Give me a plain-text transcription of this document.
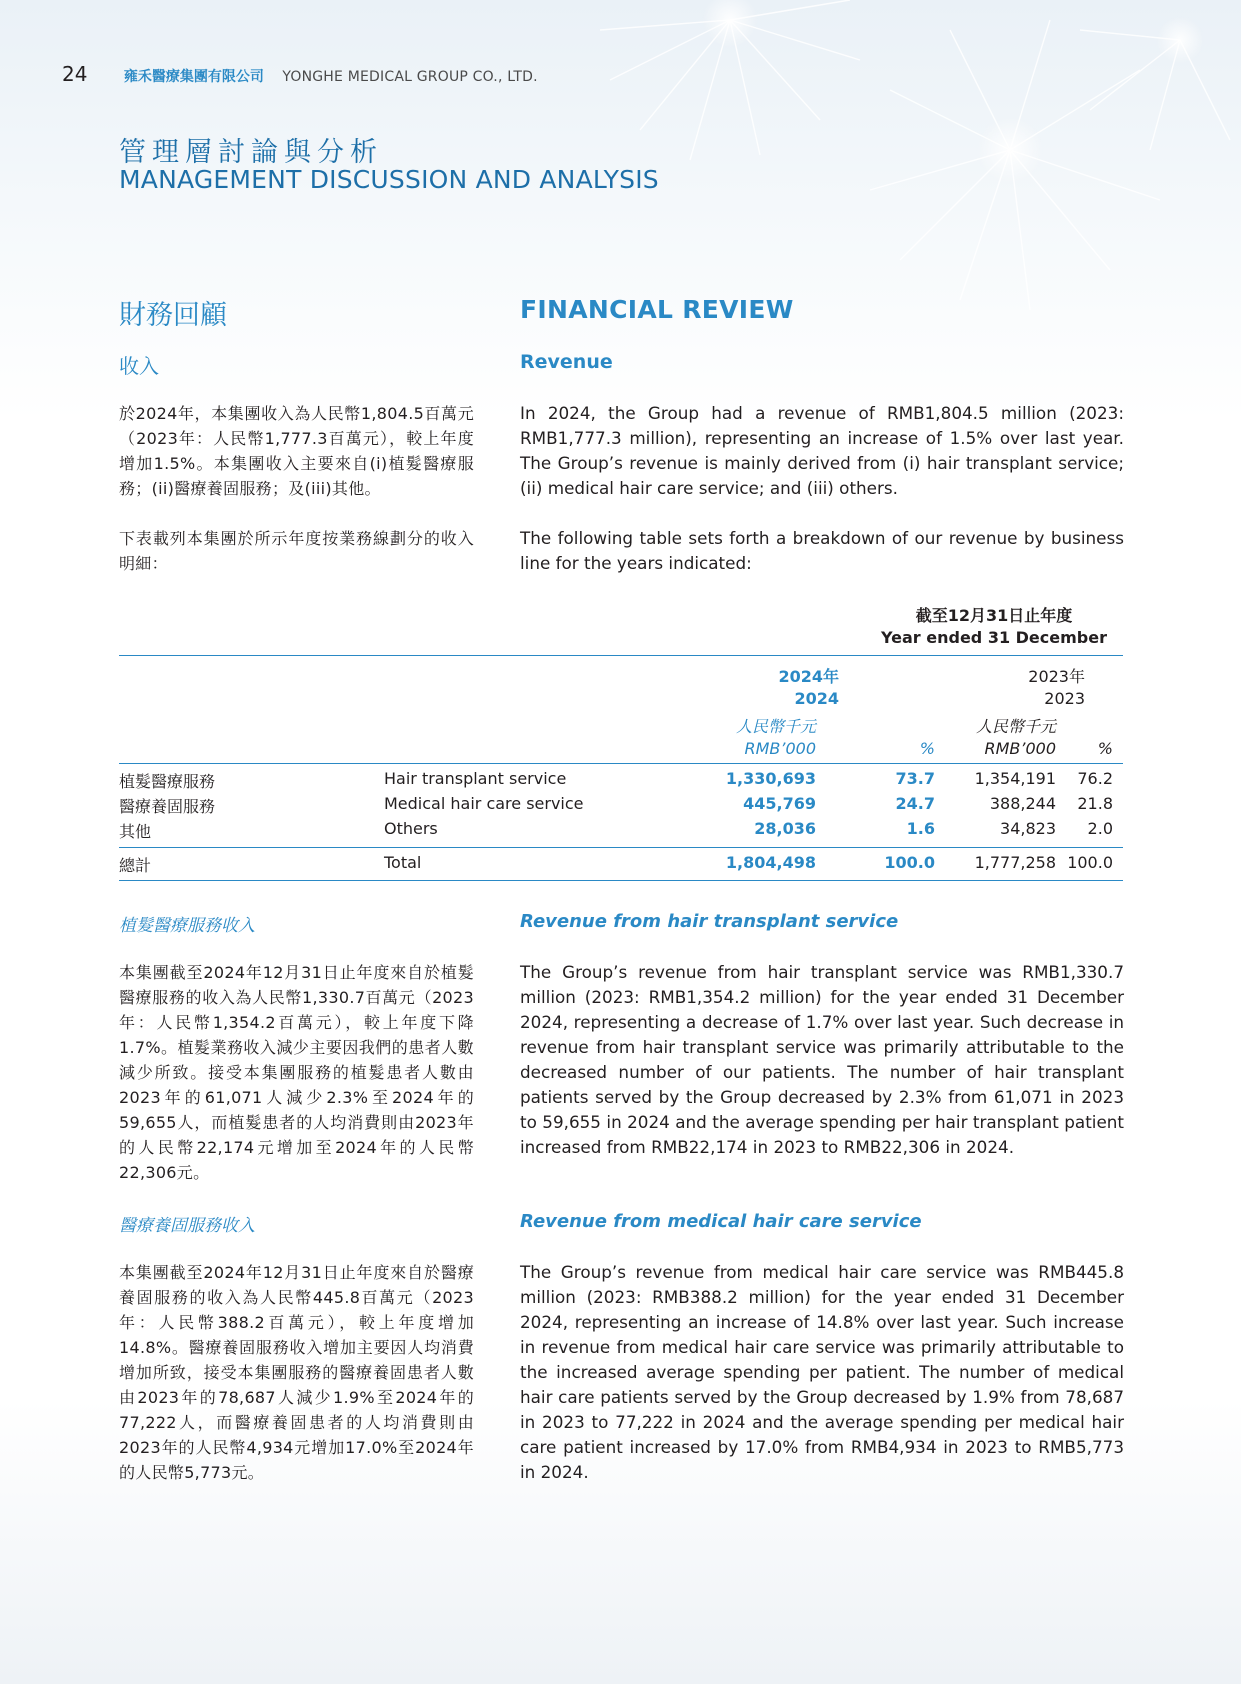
24	雍禾醫療集團有限公司 YONGHE MEDICAL GROUP CO., LTD.
管理層討論與分析
MANAGEMENT DISCUSSION AND ANALYSIS
財務回顧	FINANCIAL REVIEW
收入	Revenue

於2024年，本集團收入為人民幣1,804.5百萬元（2023年：人民幣1,777.3百萬元），較上年度增加1.5%。本集團收入主要來自(i)植髮醫療服務；(ii)醫療養固服務；及(iii)其他。

In 2024, the Group had a revenue of RMB1,804.5 million (2023: RMB1,777.3 million), representing an increase of 1.5% over last year. The Group’s revenue is mainly derived from (i) hair transplant service; (ii) medical hair care service; and (iii) others.

下表載列本集團於所示年度按業務線劃分的收入明細：

The following table sets forth a breakdown of our revenue by business line for the years indicated:

截至12月31日止年度
Year ended 31 December
2024年
2024
2023年
2023
人民幣千元
RMB’000	%
人民幣千元
RMB’000	%
植髮醫療服務	Hair transplant service	1,330,693	73.7	1,354,191	76.2
醫療養固服務	Medical hair care service	445,769	24.7	388,244	21.8
其他	Others	28,036	1.6	34,823	2.0
總計	Total	1,804,498	100.0	1,777,258 100.0
植髮醫療服務收入	Revenue from hair transplant service

本集團截至2024年12月31日止年度來自於植髮醫療服務的收入為人民幣1,330.7百萬元（2023年：人民幣1,354.2百萬元），較上年度下降1.7%。植髮業務收入減少主要因我們的患者人數減少所致。接受本集團服務的植髮患者人數由2023年的61,071人減少2.3%至2024年的59,655人，而植髮患者的人均消費則由2023年的人民幣22,174元增加至2024年的人民幣22,306元。

The Group’s revenue from hair transplant service was RMB1,330.7 million (2023: RMB1,354.2 million) for the year ended 31 December 2024, representing a decrease of 1.7% over last year. Such decrease in revenue from hair transplant service was primarily attributable to the decreased number of our patients. The number of hair transplant patients served by the Group decreased by 2.3% from 61,071 in 2023 to 59,655 in 2024 and the average spending per hair transplant patient increased from RMB22,174 in 2023 to RMB22,306 in 2024.

醫療養固服務收入	Revenue from medical hair care service

本集團截至2024年12月31日止年度來自於醫療養固服務的收入為人民幣445.8百萬元（2023年：人民幣388.2百萬元），較上年度增加14.8%。醫療養固服務收入增加主要因人均消費增加所致，接受本集團服務的醫療養固患者人數由2023年的78,687人減少1.9%至2024年的77,222人，而醫療養固患者的人均消費則由2023年的人民幣4,934元增加17.0%至2024年的人民幣5,773元。

The Group’s revenue from medical hair care service was RMB445.8 million (2023: RMB388.2 million) for the year ended 31 December 2024, representing an increase of 14.8% over last year. Such increase in revenue from medical hair care service was primarily attributable to the increased average spending per patient. The number of medical hair care patients served by the Group decreased by 1.9% from 78,687 in 2023 to 77,222 in 2024 and the average spending per medical hair care patient increased by 17.0% from RMB4,934 in 2023 to RMB5,773 in 2024.
